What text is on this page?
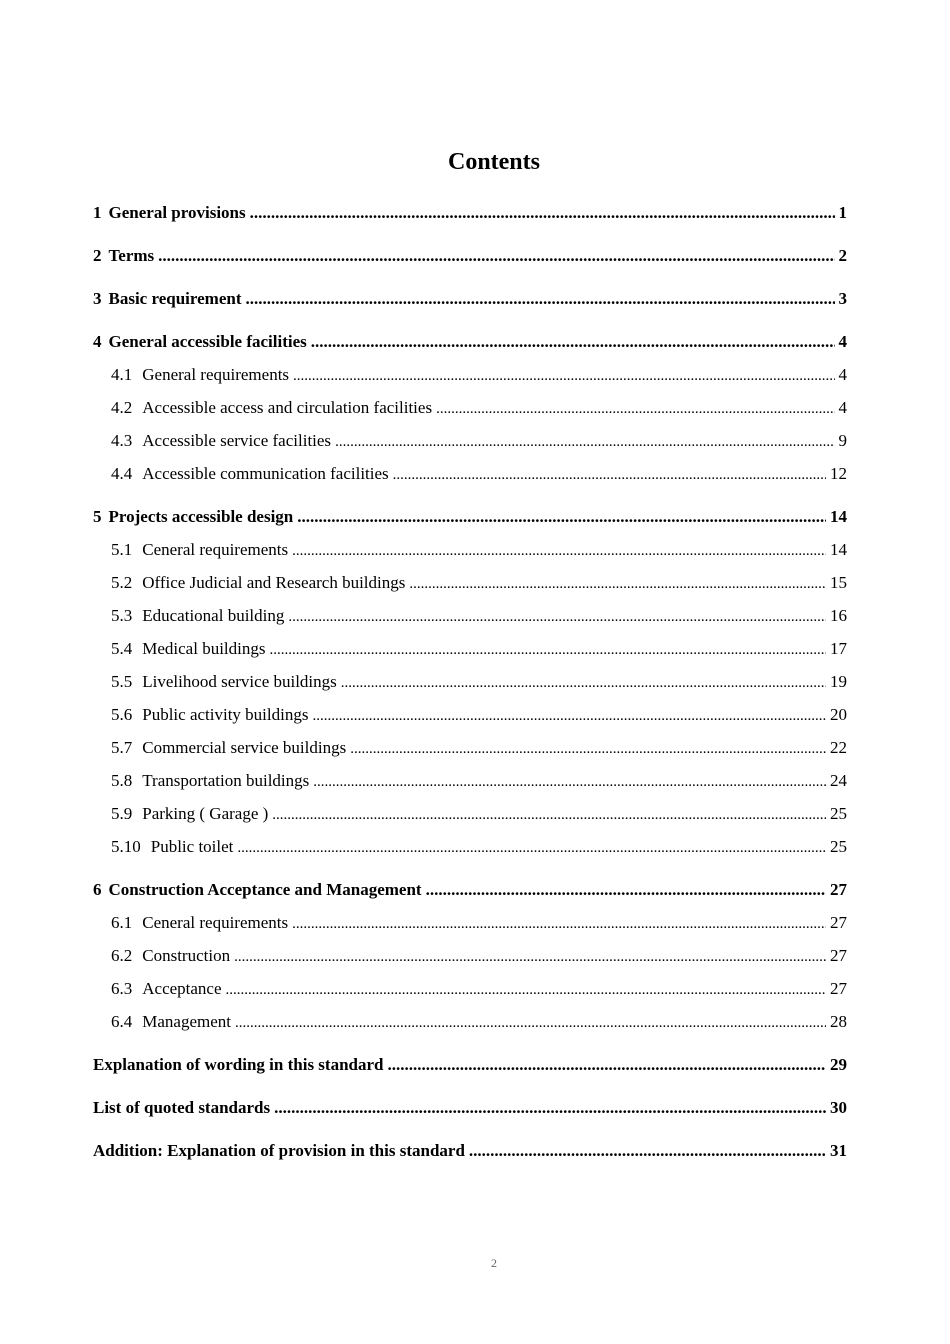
Contents
1 General provisions .....	1
2 Terms .....	2
3 Basic requirement .....	3
4 General accessible facilities .....	4
4.1 General requirements .....	4
4.2 Accessible access and circulation facilities .....	4
4.3 Accessible service facilities .....	9
4.4 Accessible communication facilities .....	12
5 Projects accessible design .....	14
5.1 Ceneral requirements .....	14
5.2 Office Judicial and Research buildings .....	15
5.3 Educational building .....	16
5.4 Medical buildings .....	17
5.5 Livelihood service buildings .....	19
5.6 Public activity buildings .....	20
5.7 Commercial service buildings .....	22
5.8 Transportation buildings .....	24
5.9 Parking ( Garage ) .....	25
5.10 Public toilet .....	25
6 Construction Acceptance and Management .....	27
6.1 Ceneral requirements .....	27
6.2 Construction .....	27
6.3 Acceptance .....	27
6.4 Management .....	28
Explanation of wording in this standard .....	29
List of quoted standards .....	30
Addition: Explanation of provision in this standard .....	31
2
